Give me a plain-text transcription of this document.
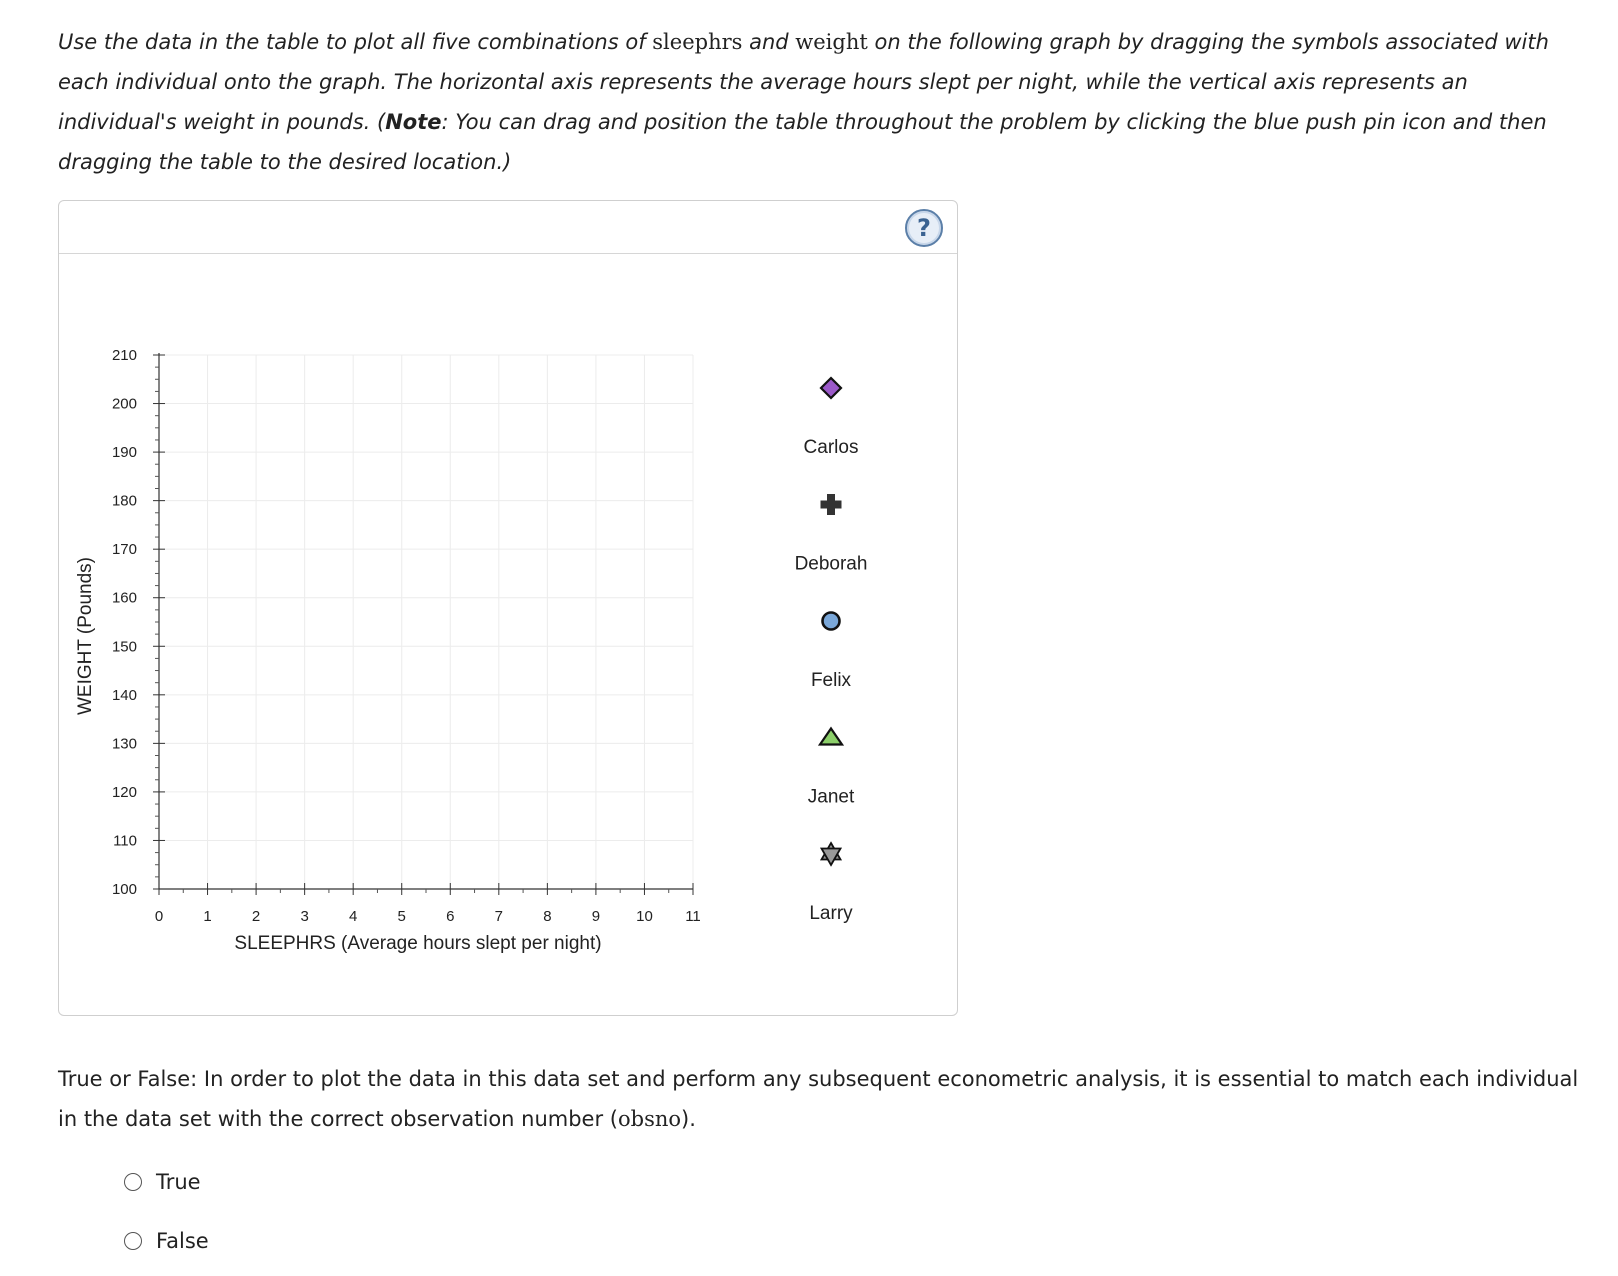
Use the data in the table to plot all five combinations of sleephrs and weight on the following graph by dragging the symbols associated with each individual onto the graph. The horizontal axis represents the average hours slept per night, while the vertical axis represents an individual's weight in pounds. (Note: You can drag and position the table throughout the problem by clicking the blue push pin icon and then dragging the table to the desired location.)

?
0	1	2	3	4	5	6	7	8	9 10 11
100
110
120
130
140
150
160
170
180
190
200
210
SLEEPHRS (Average hours slept per night)
WEIGHT (Pounds)
Carlos
Deborah
Felix
Janet
Larry

True or False: In order to plot the data in this data set and perform any subsequent econometric analysis, it is essential to match each individual in the data set with the correct observation number (obsno).

True
False
